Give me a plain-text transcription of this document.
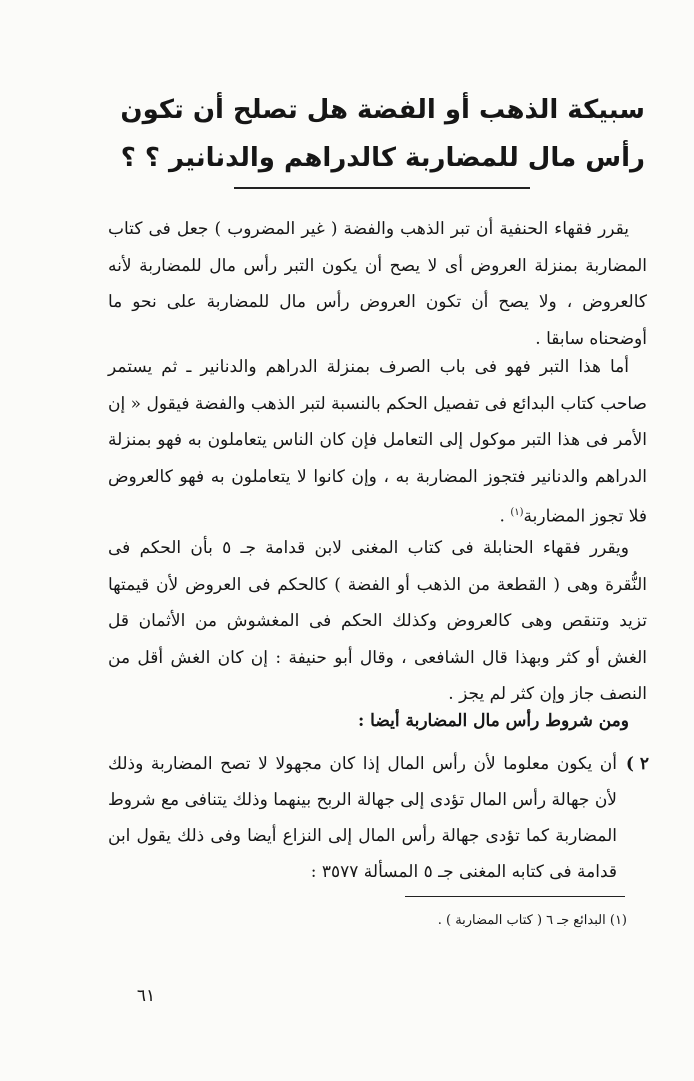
سبيكة الذهب أو الفضة هل تصلح أن تكون رأس مال للمضاربة كالدراهم والدنانير ؟ ؟

يقرر فقهاء الحنفية أن تبر الذهب والفضة ( غير المضروب ) جعل فى كتاب المضاربة بمنزلة العروض أى لا يصح أن يكون التبر رأس مال للمضاربة لأنه كالعروض ، ولا يصح أن تكون العروض رأس مال للمضاربة على نحو ما أوضحناه سابقا .

أما هذا التبر فهو فى باب الصرف بمنزلة الدراهم والدنانير ـ ثم يستمر صاحب كتاب البدائع فى تفصيل الحكم بالنسبة لتبر الذهب والفضة فيقول « إن الأمر فى هذا التبر موكول إلى التعامل فإن كان الناس يتعاملون به فهو بمنزلة الدراهم والدنانير فتجوز المضاربة به ، وإن كانوا لا يتعاملون به فهو كالعروض فلا تجوز المضاربة$^{(١)}$ .

ويقرر فقهاء الحنابلة فى كتاب المغنى لابن قدامة جـ ٥ بأن الحكم فى النُّقرة وهى ( القطعة من الذهب أو الفضة ) كالحكم فى العروض لأن قيمتها تزيد وتنقص وهى كالعروض وكذلك الحكم فى المغشوش من الأثمان قل الغش أو كثر وبهذا قال الشافعى ، وقال أبو حنيفة : إن كان الغش أقل من النصف جاز وإن كثر لم يجز .

ومن شروط رأس مال المضاربة أيضا :

٢ )

أن يكون معلوما لأن رأس المال إذا كان مجهولا لا تصح المضاربة وذلك لأن جهالة رأس المال تؤدى إلى جهالة الربح بينهما وذلك يتنافى مع شروط المضاربة كما تؤدى جهالة رأس المال إلى النزاع أيضا وفى ذلك يقول ابن قدامة فى كتابه المغنى جـ ٥ المسألة ٣٥٧٧ :

(١) البدائع جـ ٦ ( كتاب المضاربة ) .

٦١
